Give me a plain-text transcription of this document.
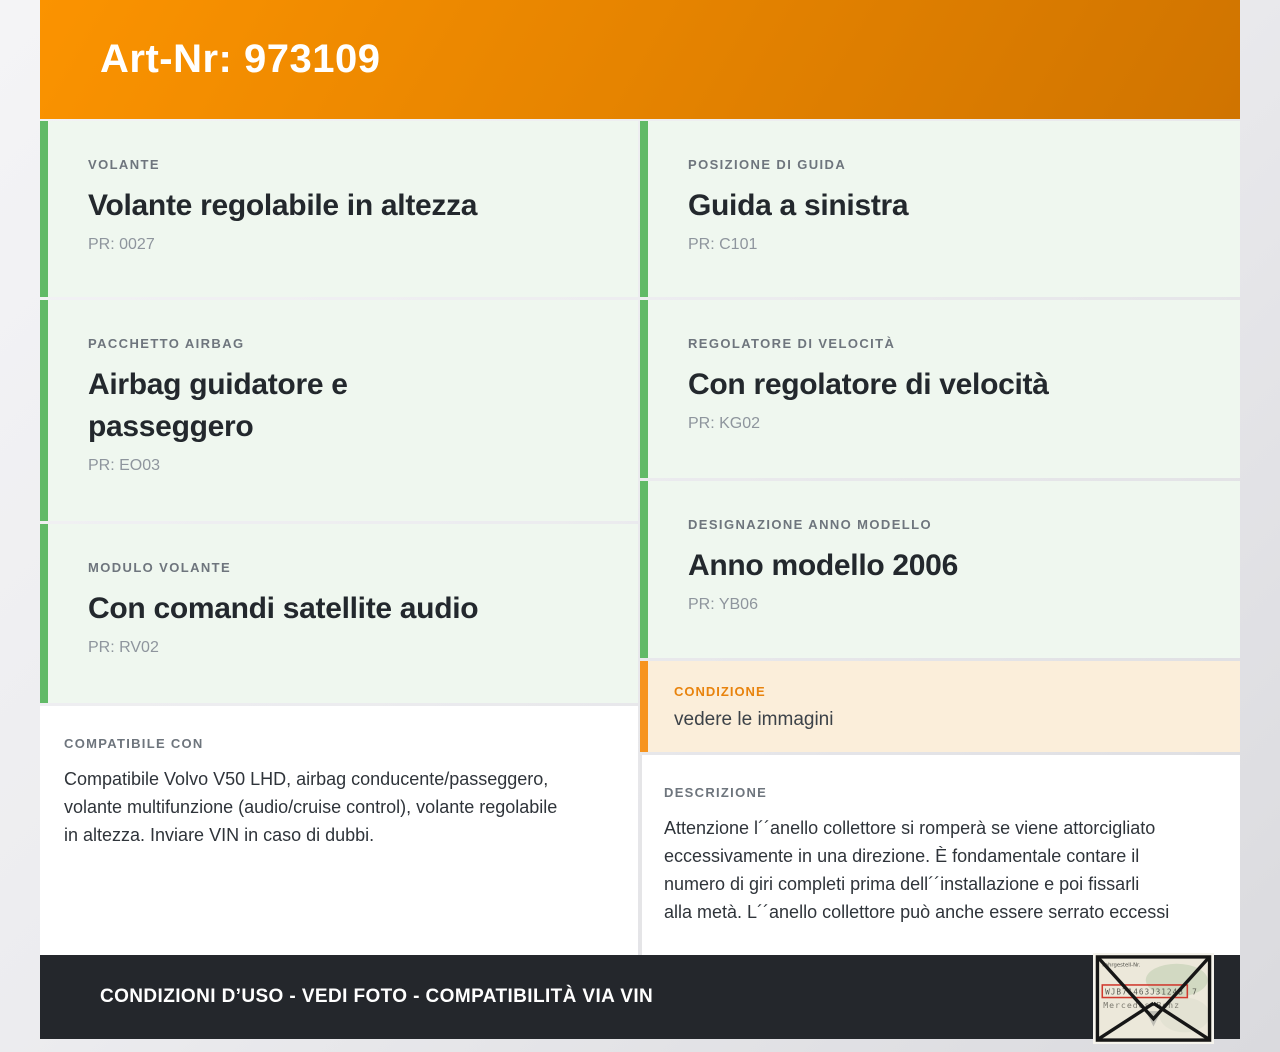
Art-Nr: 973109
VOLANTE
Volante regolabile in altezza
PR: 0027
PACCHETTO AIRBAG
Airbag guidatore e passeggero
PR: EO03
MODULO VOLANTE
Con comandi satellite audio
PR: RV02
COMPATIBILE CON
Compatibile Volvo V50 LHD, airbag conducente/passeggero, volante multifunzione (audio/cruise control), volante regolabile in altezza. Inviare VIN in caso di dubbi.
POSIZIONE DI GUIDA
Guida a sinistra
PR: C101
REGOLATORE DI VELOCITÀ
Con regolatore di velocità
PR: KG02
DESIGNAZIONE ANNO MODELLO
Anno modello 2006
PR: YB06
CONDIZIONE
vedere le immagini
DESCRIZIONE
Attenzione l´´anello collettore si romperà se viene attorcigliato eccessivamente in una direzione. È fondamentale contare il numero di giri completi prima dell´´installazione e poi fissarli alla metà. L´´anello collettore può anche essere serrato eccessi
CONDIZIONI D’USO - VEDI FOTO - COMPATIBILITÀ VIA VIN
Fahrgestell-Nr.
WJB71463J3124B 7
Mercedes-Benz
